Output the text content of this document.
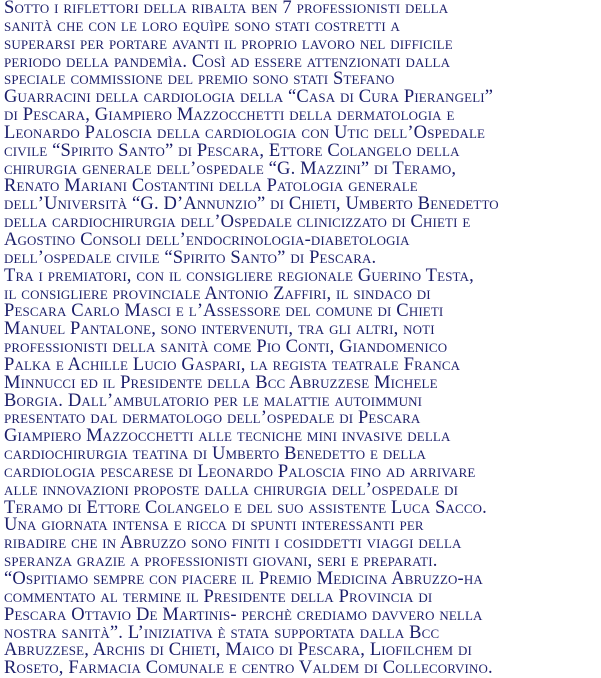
Sotto i riflettori della ribalta ben 7 professionisti della
sanità che con le loro equìpe sono stati costretti a
superarsi per portare avanti il proprio lavoro nel difficile
periodo della pandemìa. Così ad essere attenzionati dalla
speciale commissione del premio sono stati Stefano
Guarracini della cardiologia della “Casa di Cura Pierangeli”
di Pescara, Giampiero Mazzocchetti della dermatologia e
Leonardo Paloscia della cardiologia con Utic dell’Ospedale
civile “Spirito Santo” di Pescara, Ettore Colangelo della
chirurgia generale dell’ospedale “G. Mazzini” di Teramo,
Renato Mariani Costantini della Patologia generale
dell’Università “G. D’Annunzio” di Chieti, Umberto Benedetto
della cardiochirurgia dell’Ospedale clinicizzato di Chieti e
Agostino Consoli dell’endocrinologia-diabetologia
dell’ospedale civile “Spirito Santo” di Pescara.
Tra i premiatori, con il consigliere regionale Guerino Testa,
il consigliere provinciale Antonio Zaffiri, il sindaco di
Pescara Carlo Masci e l’Assessore del comune di Chieti
Manuel Pantalone, sono intervenuti, tra gli altri, noti
professionisti della sanità come Pio Conti, Giandomenico
Palka e Achille Lucio Gaspari, la regista teatrale Franca
Minnucci ed il Presidente della Bcc Abruzzese Michele
Borgia. Dall’ambulatorio per le malattie autoimmuni
presentato dal dermatologo dell’ospedale di Pescara
Giampiero Mazzocchetti alle tecniche mini invasive della
cardiochirurgia teatina di Umberto Benedetto e della
cardiologia pescarese di Leonardo Paloscia fino ad arrivare
alle innovazioni proposte dalla chirurgia dell’ospedale di
Teramo di Ettore Colangelo e del suo assistente Luca Sacco.
Una giornata intensa e ricca di spunti interessanti per
ribadire che in Abruzzo sono finiti i cosiddetti viaggi della
speranza grazie a professionisti giovani, seri e preparati.
“Ospitiamo sempre con piacere il Premio Medicina Abruzzo-ha
commentato al termine il Presidente della Provincia di
Pescara Ottavio De Martinis- perchè crediamo davvero nella
nostra sanità”. L’iniziativa è stata supportata dalla Bcc
Abruzzese, Archis di Chieti, Maico di Pescara, Liofilchem di
Roseto, Farmacia Comunale e centro Valdem di Collecorvino.
